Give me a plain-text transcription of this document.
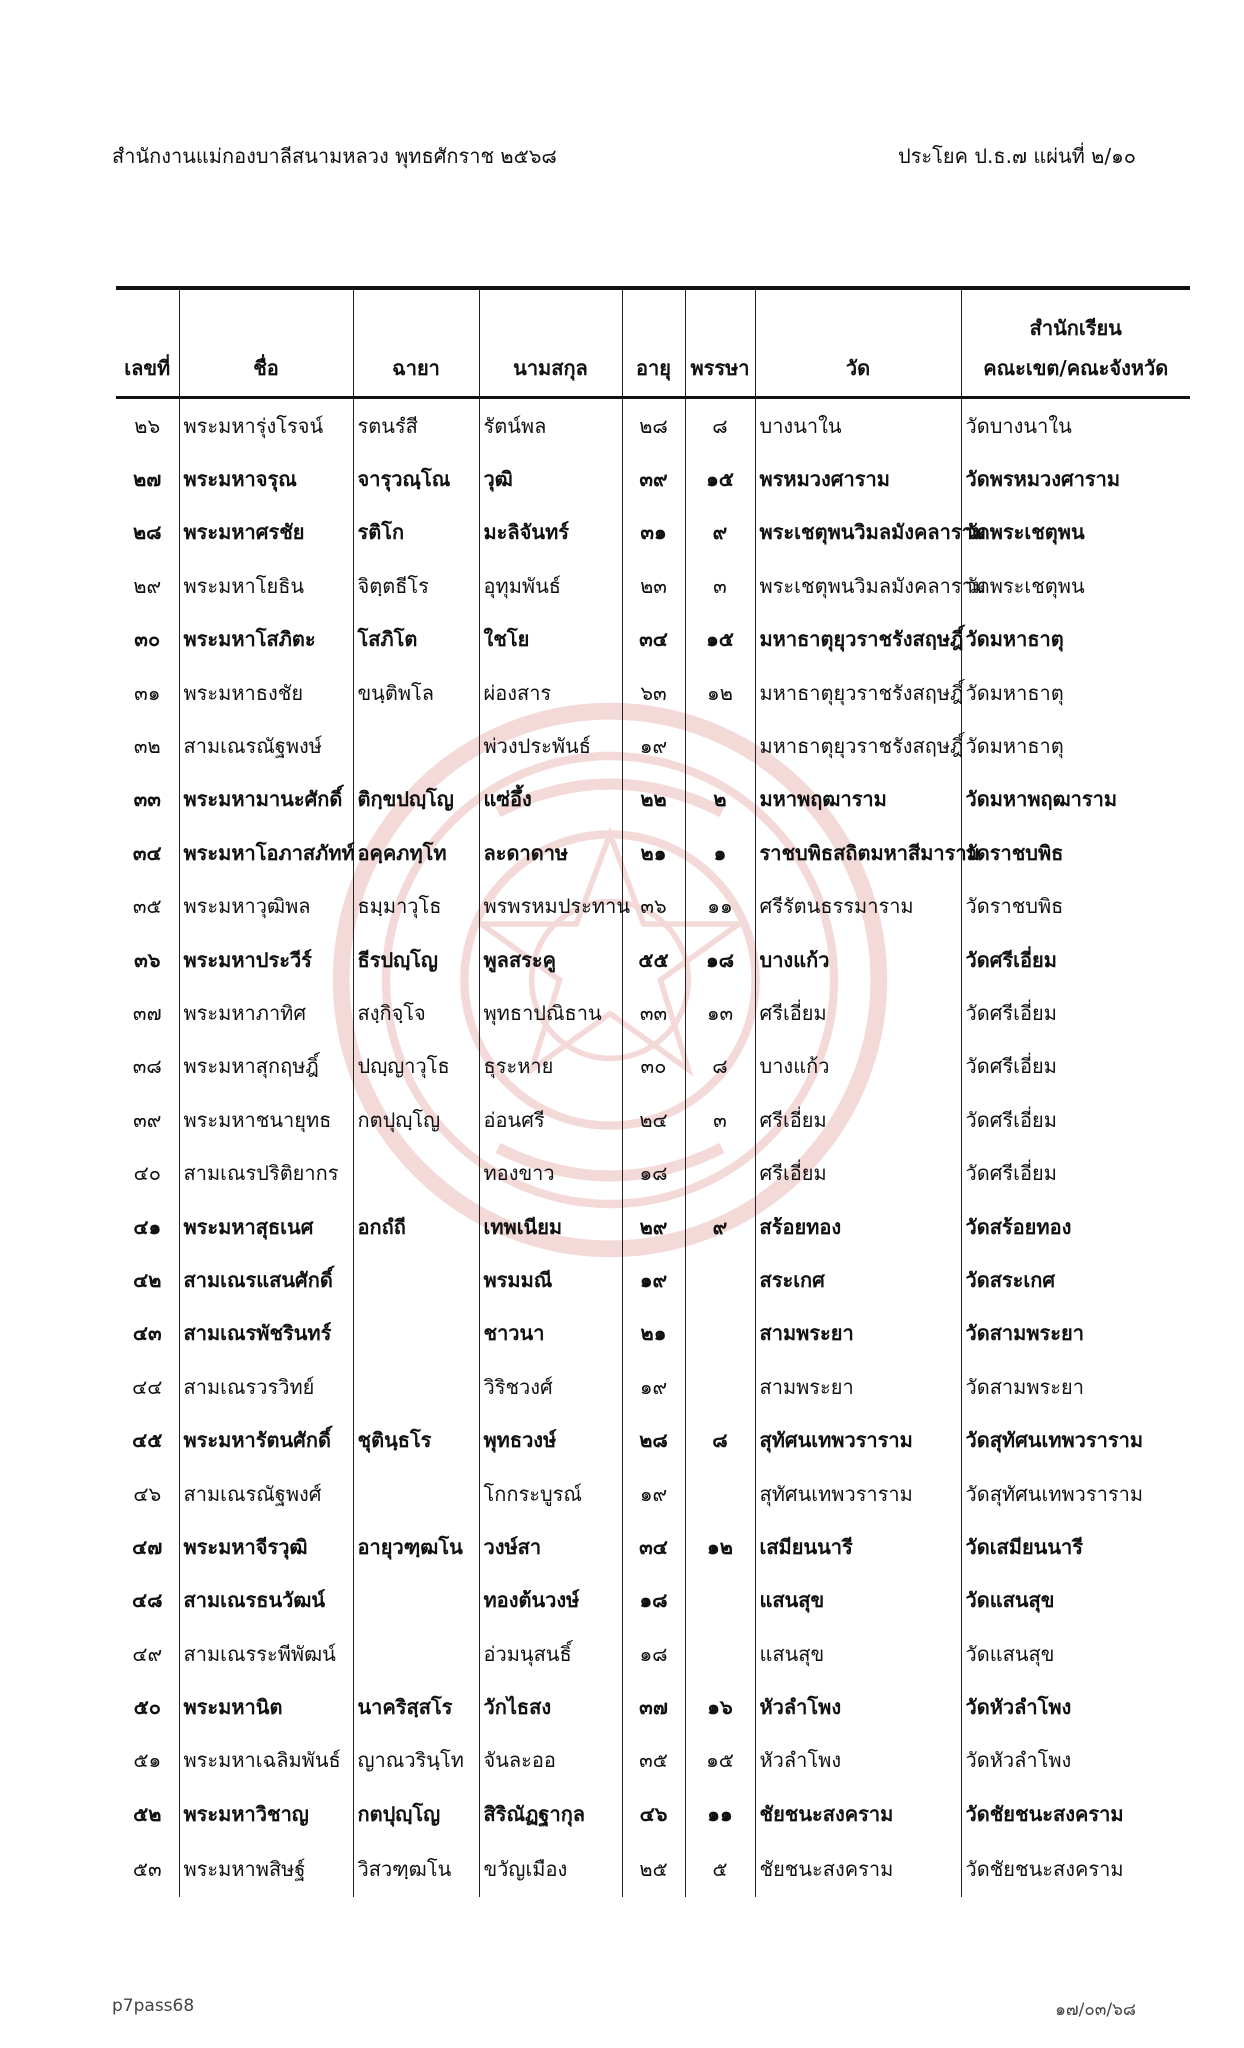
สำนักงานแม่กองบาลีสนามหลวง พุทธศักราช ๒๕๖๘	ประโยค ป.ธ.๗ แผ่นที่ ๒/๑๐
เลขที่	ชื่อ	ฉายา	นามสกุล	อายุ	พรรษา	วัด	สำนักเรียน
คณะเขต/คณะจังหวัด

๒๖	พระมหารุ่งโรจน์	รตนรํสี	รัตน์พล	๒๘	๘	บางนาใน	วัดบางนาใน
๒๗	พระมหาจรุณ	จารุวณฺโณ	วุฒิ	๓๙	๑๕	พรหมวงศาราม	วัดพรหมวงศาราม
๒๘	พระมหาศรชัย	รติโก	มะลิจันทร์	๓๑	๙	พระเชตุพนวิมลมังคลาราม	วัดพระเชตุพน
๒๙	พระมหาโยธิน	จิตฺตธีโร	อุทุมพันธ์	๒๓	๓	พระเชตุพนวิมลมังคลาราม	วัดพระเชตุพน
๓๐	พระมหาโสภิตะ	โสภิโต	ใชโย	๓๔	๑๕	มหาธาตุยุวราชรังสฤษฎิ์	วัดมหาธาตุ
๓๑	พระมหาธงชัย	ขนฺติพโล	ผ่องสาร	๖๓	๑๒	มหาธาตุยุวราชรังสฤษฎิ์	วัดมหาธาตุ
๓๒	สามเณรณัฐพงษ์		พ่วงประพันธ์	๑๙		มหาธาตุยุวราชรังสฤษฎิ์	วัดมหาธาตุ
๓๓	พระมหามานะศักดิ์	ติกฺขปญฺโญ	แซ่อึ้ง	๒๒	๒	มหาพฤฒาราม	วัดมหาพฤฒาราม
๓๔	พระมหาโอภาสภัทท์	อคฺคภทฺโท	ละดาดาษ	๒๑	๑	ราชบพิธสถิตมหาสีมาราม	วัดราชบพิธ
๓๕	พระมหาวุฒิพล	ธมฺมาวุโธ	พรพรหมประทาน	๓๖	๑๑	ศรีรัตนธรรมาราม	วัดราชบพิธ
๓๖	พระมหาประวีร์	ธีรปญฺโญ	พูลสระคู	๕๕	๑๘	บางแก้ว	วัดศรีเอี่ยม
๓๗	พระมหาภาทิศ	สงฺกิจฺโจ	พุทธาปณิธาน	๓๓	๑๓	ศรีเอี่ยม	วัดศรีเอี่ยม
๓๘	พระมหาสุกฤษฎิ์	ปญฺญาวุโธ	ธุระหาย	๓๐	๘	บางแก้ว	วัดศรีเอี่ยม
๓๙	พระมหาชนายุทธ	กตปุญฺโญ	อ่อนศรี	๒๔	๓	ศรีเอี่ยม	วัดศรีเอี่ยม
๔๐	สามเณรปริติยากร		ทองขาว	๑๘		ศรีเอี่ยม	วัดศรีเอี่ยม
๔๑	พระมหาสุธเนศ	อกถํถี	เทพเนียม	๒๙	๙	สร้อยทอง	วัดสร้อยทอง
๔๒	สามเณรแสนศักดิ์		พรมมณี	๑๙		สระเกศ	วัดสระเกศ
๔๓	สามเณรพัชรินทร์		ชาวนา	๒๑		สามพระยา	วัดสามพระยา
๔๔	สามเณรวรวิทย์		วิริชวงศ์	๑๙		สามพระยา	วัดสามพระยา
๔๕	พระมหารัตนศักดิ์	ชุตินฺธโร	พุทธวงษ์	๒๘	๘	สุทัศนเทพวราราม	วัดสุทัศนเทพวราราม
๔๖	สามเณรณัฐพงศ์		โกกระบูรณ์	๑๙		สุทัศนเทพวราราม	วัดสุทัศนเทพวราราม
๔๗	พระมหาจีรวุฒิ	อายุวฑฺฒโน	วงษ์สา	๓๔	๑๒	เสมียนนารี	วัดเสมียนนารี
๔๘	สามเณรธนวัฒน์		ทองต้นวงษ์	๑๘		แสนสุข	วัดแสนสุข
๔๙	สามเณรระพีพัฒน์		อ่วมนุสนธิ์	๑๘		แสนสุข	วัดแสนสุข
๕๐	พระมหานิต	นาคริสฺสโร	วักไธสง	๓๗	๑๖	หัวลำโพง	วัดหัวลำโพง
๕๑	พระมหาเฉลิมพันธ์	ญาณวรินฺโท	จันละออ	๓๕	๑๕	หัวลำโพง	วัดหัวลำโพง
๕๒	พระมหาวิชาญ	กตปุญฺโญ	สิริณัฏฐากุล	๔๖	๑๑	ชัยชนะสงคราม	วัดชัยชนะสงคราม
๕๓	พระมหาพสิษฐ์	วิสวฑฺฒโน	ขวัญเมือง	๒๕	๕	ชัยชนะสงคราม	วัดชัยชนะสงคราม
p7pass68	๑๗/๐๓/๖๘
